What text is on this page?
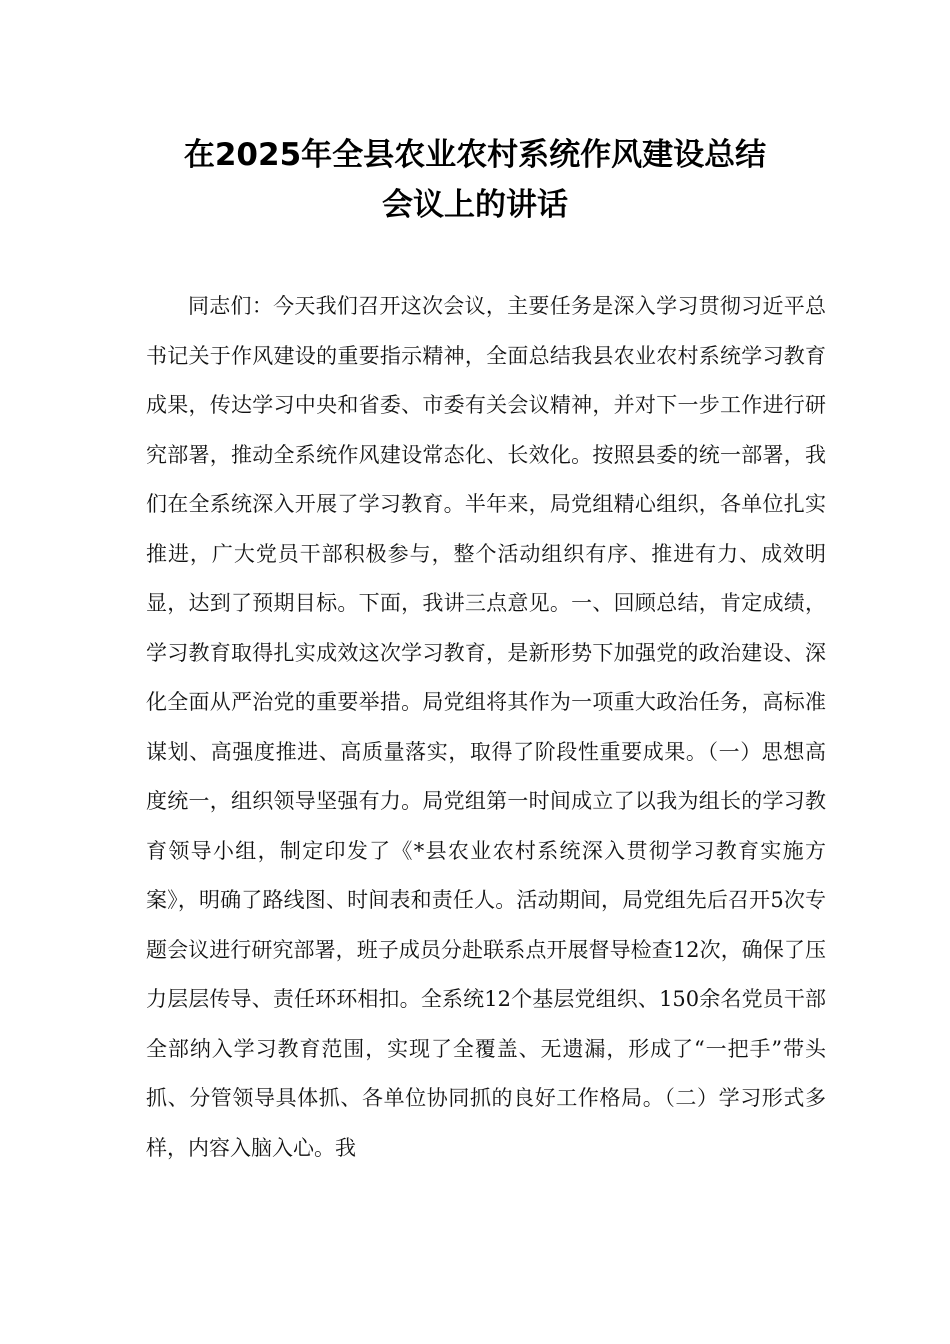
在2025年全县农业农村系统作风建设总结
会议上的讲话

同志们：今天我们召开这次会议，主要任务是深入学习贯彻习近平总书记关于作风建设的重要指示精神，全面总结我县农业农村系统学习教育成果，传达学习中央和省委、市委有关会议精神，并对下一步工作进行研究部署，推动全系统作风建设常态化、长效化。按照县委的统一部署，我们在全系统深入开展了学习教育。半年来，局党组精心组织，各单位扎实推进，广大党员干部积极参与，整个活动组织有序、推进有力、成效明显，达到了预期目标。下面，我讲三点意见。一、回顾总结，肯定成绩，学习教育取得扎实成效这次学习教育，是新形势下加强党的政治建设、深化全面从严治党的重要举措。局党组将其作为一项重大政治任务，高标准谋划、高强度推进、高质量落实，取得了阶段性重要成果。（一）思想高度统一，组织领导坚强有力。局党组第一时间成立了以我为组长的学习教育领导小组，制定印发了《*县农业农村系统深入贯彻学习教育实施方案》，明确了路线图、时间表和责任人。活动期间，局党组先后召开5次专题会议进行研究部署，班子成员分赴联系点开展督导检查12次，确保了压力层层传导、责任环环相扣。全系统12个基层党组织、150余名党员干部全部纳入学习教育范围，实现了全覆盖、无遗漏，形成了“一把手”带头抓、分管领导具体抓、各单位协同抓的良好工作格局。（二）学习形式多样，内容入脑入心。我
